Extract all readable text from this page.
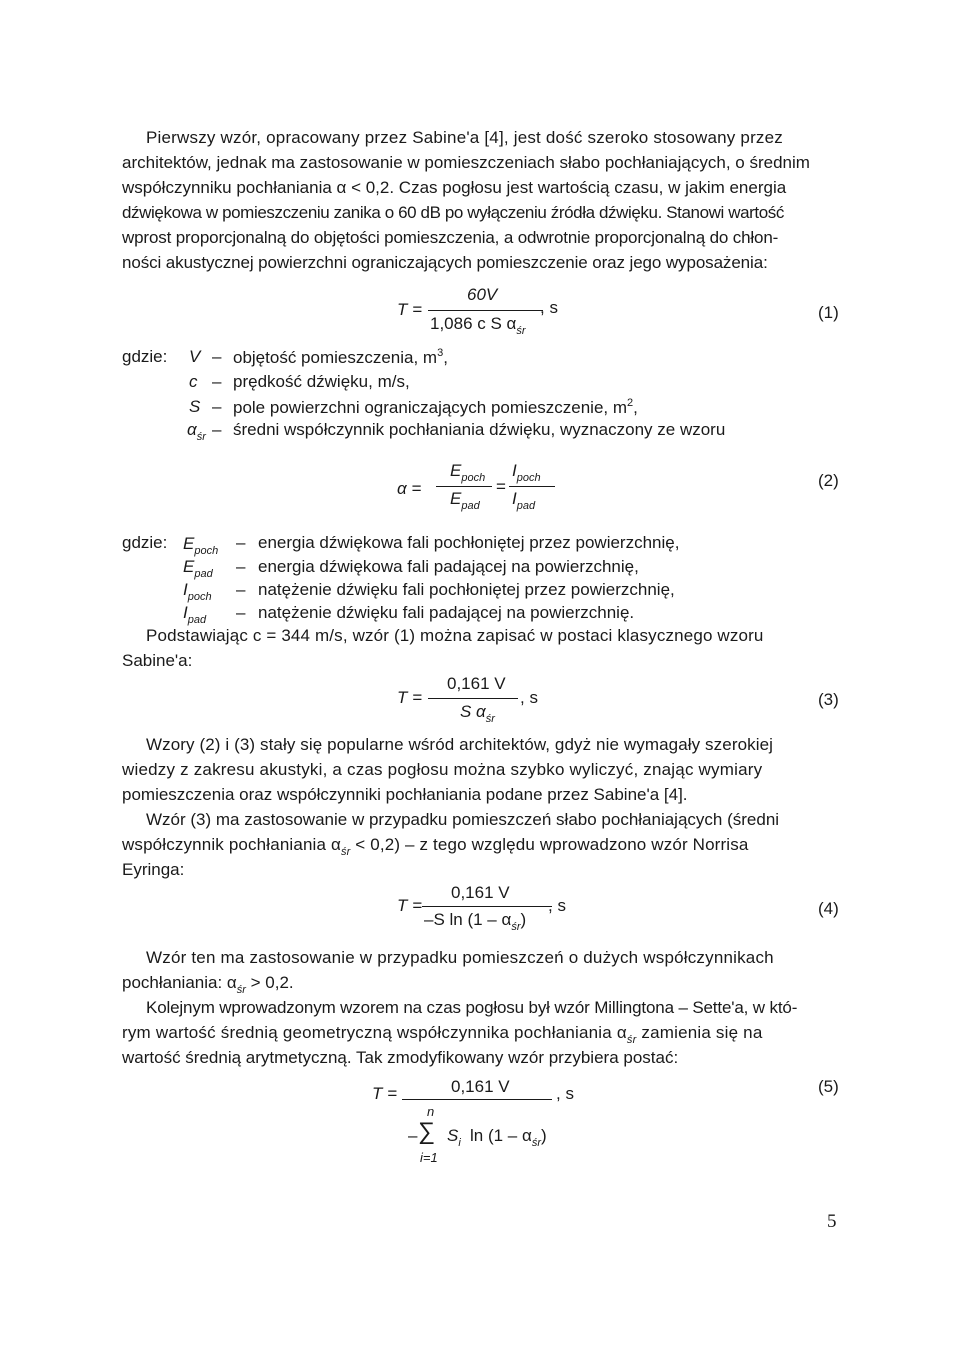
Pierwszy wzór, opracowany przez Sabine'a [4], jest dość szeroko stosowany przez
architektów, jednak ma zastosowanie w pomieszczeniach słabo pochłaniających, o średnim
współczynniku pochłaniania α < 0,2. Czas pogłosu jest wartością czasu, w jakim energia
dźwiękowa w pomieszczeniu zanika o 60 dB po wyłączeniu źródła dźwięku. Stanowi wartość
wprost proporcjonalną do objętości pomieszczenia, a odwrotnie proporcjonalną do chłon-
ności akustycznej powierzchni ograniczających pomieszczenie oraz jego wyposażenia:
T =
60V
1,086 c S $\alpha_{śr}$
, s	(1)
gdzie: V – objętość pomieszczenia, $m^3$,
c – prędkość dźwięku, m/s,
S – pole powierzchni ograniczających pomieszczenie, $m^2$,
$\alpha_{śr}$ – średni współczynnik pochłaniania dźwięku, wyznaczony ze wzoru
α =
$E_{poch}$
$E_{pad}$
=
$I_{poch}$
$I_{pad}$
(2)
gdzie: $E_{poch}$ – energia dźwiękowa fali pochłoniętej przez powierzchnię,
$E_{pad}$ – energia dźwiękowa fali padającej na powierzchnię,
$I_{poch}$ – natężenie dźwięku fali pochłoniętej przez powierzchnię,
$I_{pad}$ – natężenie dźwięku fali padającej na powierzchnię.
Podstawiając c = 344 m/s, wzór (1) można zapisać w postaci klasycznego wzoru
Sabine'a:
T =
0,161 V
S $\alpha_{śr}$
, s	(3)
Wzory (2) i (3) stały się popularne wśród architektów, gdyż nie wymagały szerokiej
wiedzy z zakresu akustyki, a czas pogłosu można szybko wyliczyć, znając wymiary
pomieszczenia oraz współczynniki pochłaniania podane przez Sabine'a [4].
Wzór (3) ma zastosowanie w przypadku pomieszczeń słabo pochłaniających (średni
współczynnik pochłaniania $\alpha_{śr} < 0,2) - z$ tego względu wprowadzono wzór Norrisa
Eyringa:
T =
0,161 V
–S $\ln (1 - \alpha_{śr})$
, s	(4)
Wzór ten ma zastosowanie w przypadku pomieszczeń o dużych współczynnikach
pochłaniania: $\alpha_{śr} > 0,2$.
Kolejnym wprowadzonym wzorem na czas pogłosu był wzór Millingtona – Sette'a, w któ-
rym wartość średnią geometryczną współczynnika pochłaniania $\alpha_{śr}$ zamienia się na
wartość średnią arytmetyczną. Tak zmodyfikowany wzór przybiera postać:
T =	0,161 V
n
– ∑
i=1
$S_i$ $\ln (1 - \alpha_{śr})$
, s	(5)
5
